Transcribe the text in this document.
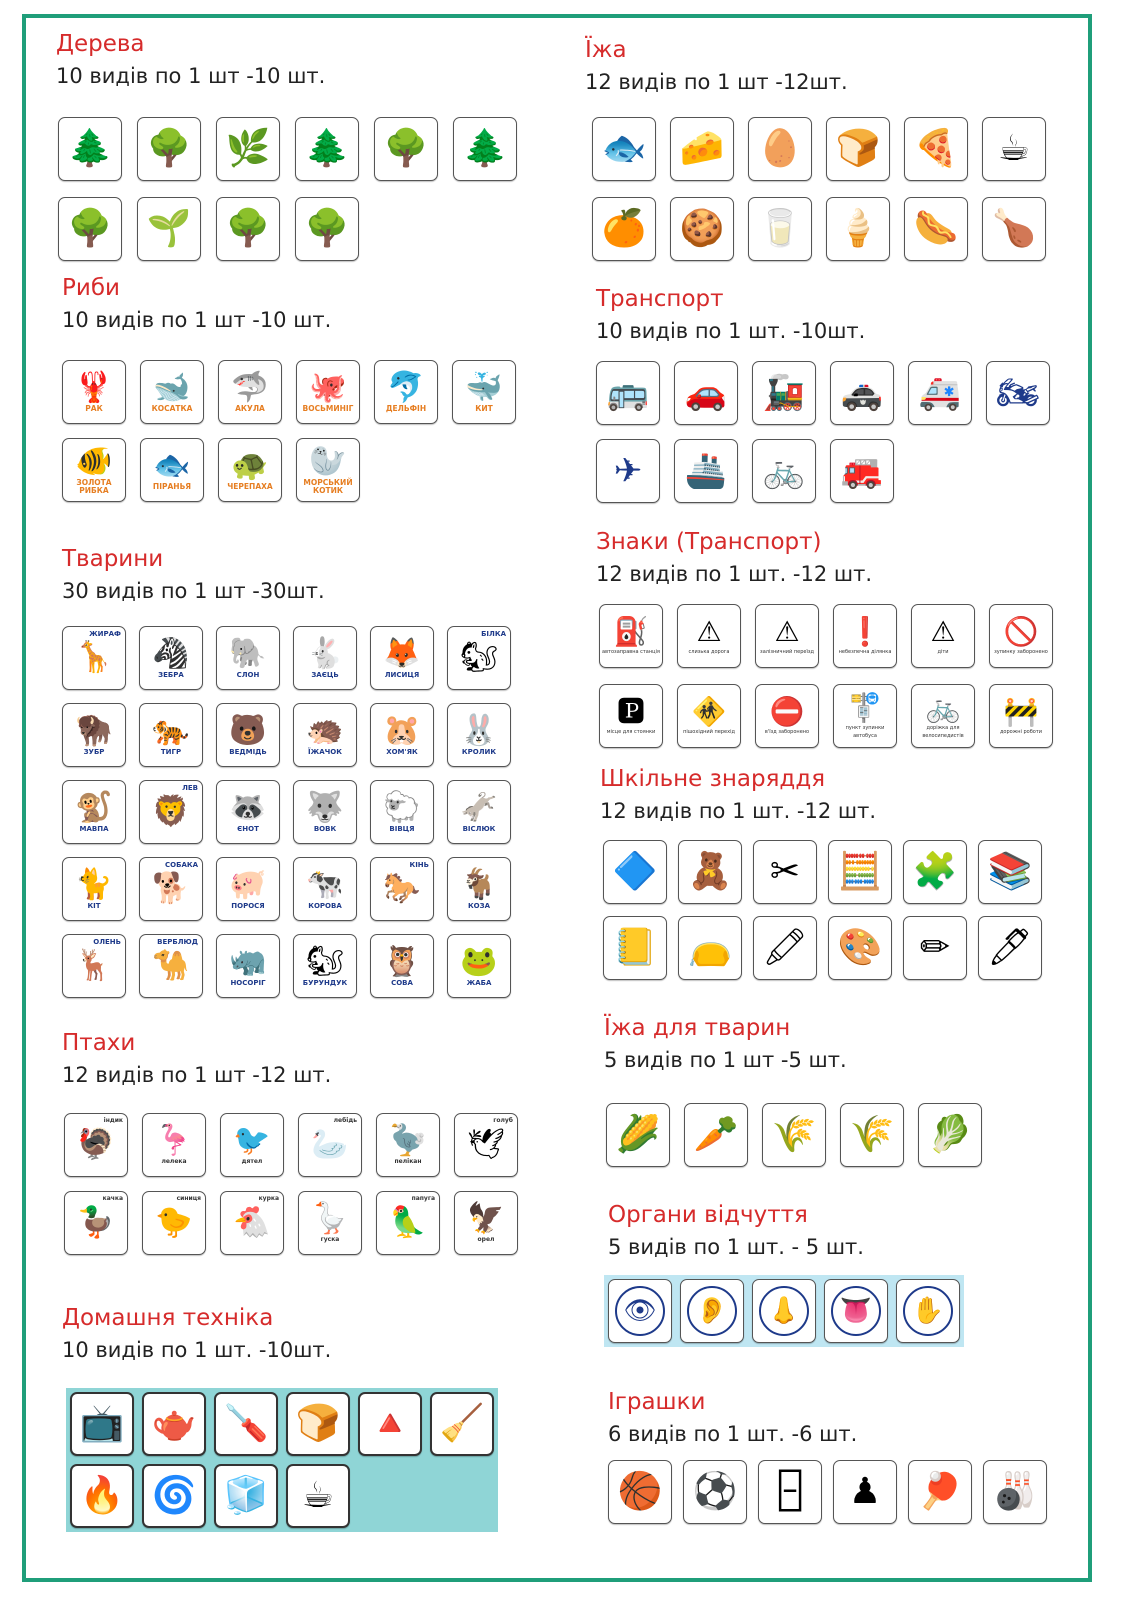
Дерева
10 видів по 1 шт -10 шт.
🌲 🌳 🌿 🌲 🌳 🌲
🌳 🌱 🌳 🌳
Риби
10 видів по 1 шт -10 шт.
🦞
РАК
🐋
КОСАТКА
🦈
АКУЛА
🐙
ВОСЬМИНІГ
🐬
ДЕЛЬФІН
🐳
КИТ
🐠
ЗОЛОТА РИБКА
🐟
ПІРАНЬЯ
🐢
ЧЕРЕПАХА
🦭
МОРСЬКИЙ КОТИК
Тварини
30 видів по 1 шт -30шт.
🦒
ЖИРАФ
🦓
ЗЕБРА
🐘
СЛОН
🐇
ЗАЄЦЬ
🦊
ЛИСИЦЯ 🐿
БІЛКА
🦬
ЗУБР
🐅
ТИГР
🐻
ВЕДМІДЬ
🦔
ЇЖАЧОК
🐹
ХОМ'ЯК
🐰
КРОЛИК
🐒
МАВПА 🦁
ЛЕВ
🦝
ЄНОТ
🐺
ВОВК
🐑
ВІВЦЯ
🫏
ВІСЛЮК
🐈
КІТ 🐕
СОБАКА
🐖
ПОРОСЯ
🐄
КОРОВА 🐎
КІНЬ
🐐
КОЗА
🦌
ОЛЕНЬ
🐪
ВЕРБЛЮД
🦏
НОСОРІГ
🐿
БУРУНДУК
🦉
СОВА
🐸
ЖАБА
Птахи
12 видів по 1 шт -12 шт.
🦃
індик
🦩
лелека
🐦
дятел 🦢
лебідь
🦤
пелікан 🕊
голуб
🦆
качка
🐤
синиця
🐔
курка
🪿
гуска 🦜
папуга
🦅
орел
Домашня техніка
10 видів по 1 шт. -10шт.
📺 🫖 🪛 🍞 🔺 🧹
🔥 🌀 🧊 ☕
Їжа
12 видів по 1 шт -12шт.
🐟 🧀 🥚 🍞 🍕 ☕
🍊 🍪 🥛 🍦 🌭 🍗
Транспорт
10 видів по 1 шт. -10шт.
🚌 🚗 🚂 🚓 🚑 🏍
✈ 🚢 🚲 🚒
Знаки (Транспорт)
12 видів по 1 шт. -12 шт.
⛽
автозаправна станція
⚠
слизька дорога
⚠
залізничний переїзд
❗
небезпечна ділянка
⚠
діти
🚫
зупинку заборонено
🅿
місце для стоянки
🚸
пішохідний перехід
⛔
в'їзд заборонено
🚏
пункт зупинки автобуса
🚲
доріжка для велосипедистів
🚧
дорожні роботи
Шкільне знаряддя
12 видів по 1 шт. -12 шт.
🔷 🧸 ✂ 🧮 🧩 📚
📒 👝 🖍 🎨 ✏ 🖊
Їжа для тварин
5 видів по 1 шт -5 шт.
🌽 🥕 🌾 🌾 🥬
Органи відчуття
5 видів по 1 шт. - 5 шт.
👁	👂	👃	👅	✋
Іграшки
6 видів по 1 шт. -6 шт.
🏀 ⚽ 🁣 ♟ 🏓 🎳
